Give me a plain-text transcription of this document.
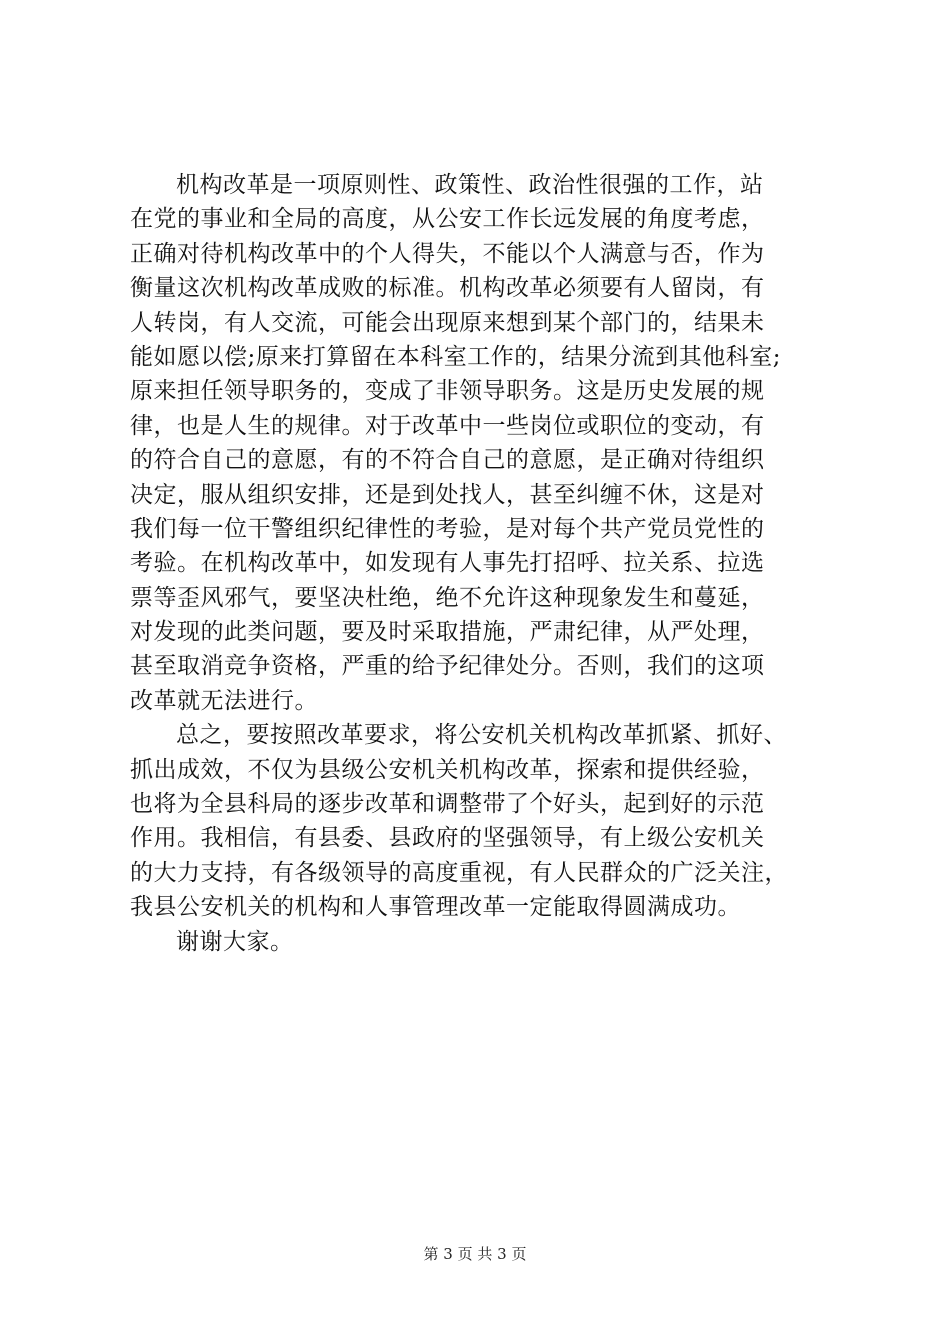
机构改革是一项原则性、政策性、政治性很强的工作，站
在党的事业和全局的高度，从公安工作长远发展的角度考虑，
正确对待机构改革中的个人得失，不能以个人满意与否，作为
衡量这次机构改革成败的标准。机构改革必须要有人留岗，有
人转岗，有人交流，可能会出现原来想到某个部门的，结果未
能如愿以偿;原来打算留在本科室工作的，结果分流到其他科室;
原来担任领导职务的，变成了非领导职务。这是历史发展的规
律，也是人生的规律。对于改革中一些岗位或职位的变动，有
的符合自己的意愿，有的不符合自己的意愿，是正确对待组织
决定，服从组织安排，还是到处找人，甚至纠缠不休，这是对
我们每一位干警组织纪律性的考验，是对每个共产党员党性的
考验。在机构改革中，如发现有人事先打招呼、拉关系、拉选
票等歪风邪气，要坚决杜绝，绝不允许这种现象发生和蔓延，
对发现的此类问题，要及时采取措施，严肃纪律，从严处理，
甚至取消竞争资格，严重的给予纪律处分。否则，我们的这项
改革就无法进行。
总之，要按照改革要求，将公安机关机构改革抓紧、抓好、
抓出成效，不仅为县级公安机关机构改革，探索和提供经验，
也将为全县科局的逐步改革和调整带了个好头，起到好的示范
作用。我相信，有县委、县政府的坚强领导，有上级公安机关
的大力支持，有各级领导的高度重视，有人民群众的广泛关注，
我县公安机关的机构和人事管理改革一定能取得圆满成功。
谢谢大家。
第 3 页 共 3 页
